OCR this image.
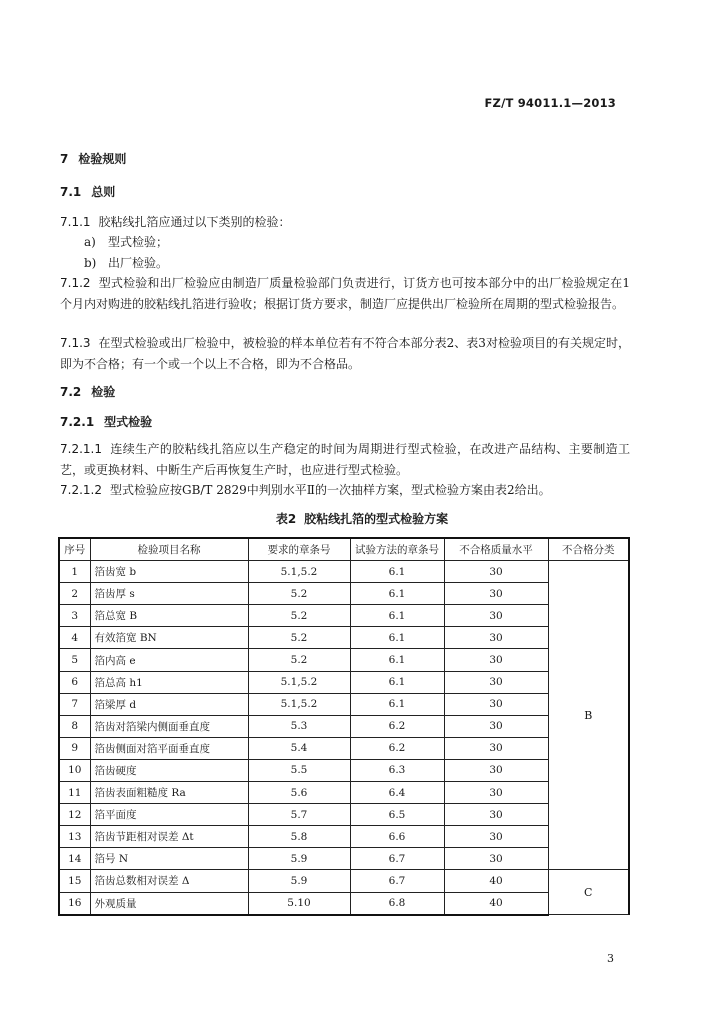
FZ/T 94011.1—2013
7 检验规则
7.1 总则
7.1.1 胶粘线扎箔应通过以下类别的检验：
a) 型式检验；
b) 出厂检验。
7.1.2 型式检验和出厂检验应由制造厂质量检验部门负责进行，订货方也可按本部分中的出厂检验规定在1个月内对购进的胶粘线扎箔进行验收；根据订货方要求，制造厂应提供出厂检验所在周期的型式检验报告。
7.1.3 在型式检验或出厂检验中，被检验的样本单位若有不符合本部分表2、表3对检验项目的有关规定时，即为不合格；有一个或一个以上不合格，即为不合格品。
7.2 检验
7.2.1 型式检验
7.2.1.1 连续生产的胶粘线扎箔应以生产稳定的时间为周期进行型式检验，在改进产品结构、主要制造工艺，或更换材料、中断生产后再恢复生产时，也应进行型式检验。
7.2.1.2 型式检验应按GB/T 2829中判别水平Ⅱ的一次抽样方案，型式检验方案由表2给出。
表2 胶粘线扎箔的型式检验方案
序号	检验项目名称	要求的章条号	试验方法的章条号	不合格质量水平	不合格分类
1	箔齿宽 b	5.1,5.2	6.1	30	B
2	箔齿厚 s	5.2	6.1	30	
3	箔总宽 B	5.2	6.1	30	
4	有效箔宽 BN	5.2	6.1	30	
5	箔内高 e	5.2	6.1	30	
6	箔总高 h1	5.1,5.2	6.1	30	
7	箔梁厚 d	5.1,5.2	6.1	30	
8	箔齿对箔梁内侧面垂直度	5.3	6.2	30	
9	箔齿侧面对箔平面垂直度	5.4	6.2	30	
10	箔齿硬度	5.5	6.3	30	
11	箔齿表面粗糙度 Ra	5.6	6.4	30	
12	箔平面度	5.7	6.5	30	
13	箔齿节距相对误差 Δt	5.8	6.6	30	
14	箔号 N	5.9	6.7	30	
15	箔齿总数相对误差 Δ	5.9	6.7	40	C
16	外观质量	5.10	6.8	40	
3
